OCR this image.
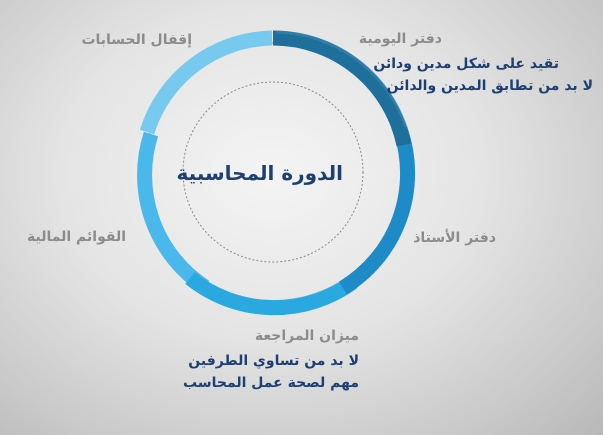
الدورة المحاسبية
دفتر اليومية
تقيد على شكل مدين ودائن
لا بد من تطابق المدين والدائن
دفتر الأستاذ
ميزان المراجعة
لا بد من تساوي الطرفين
مهم لصحة عمل المحاسب
القوائم المالية
إقفال الحسابات
